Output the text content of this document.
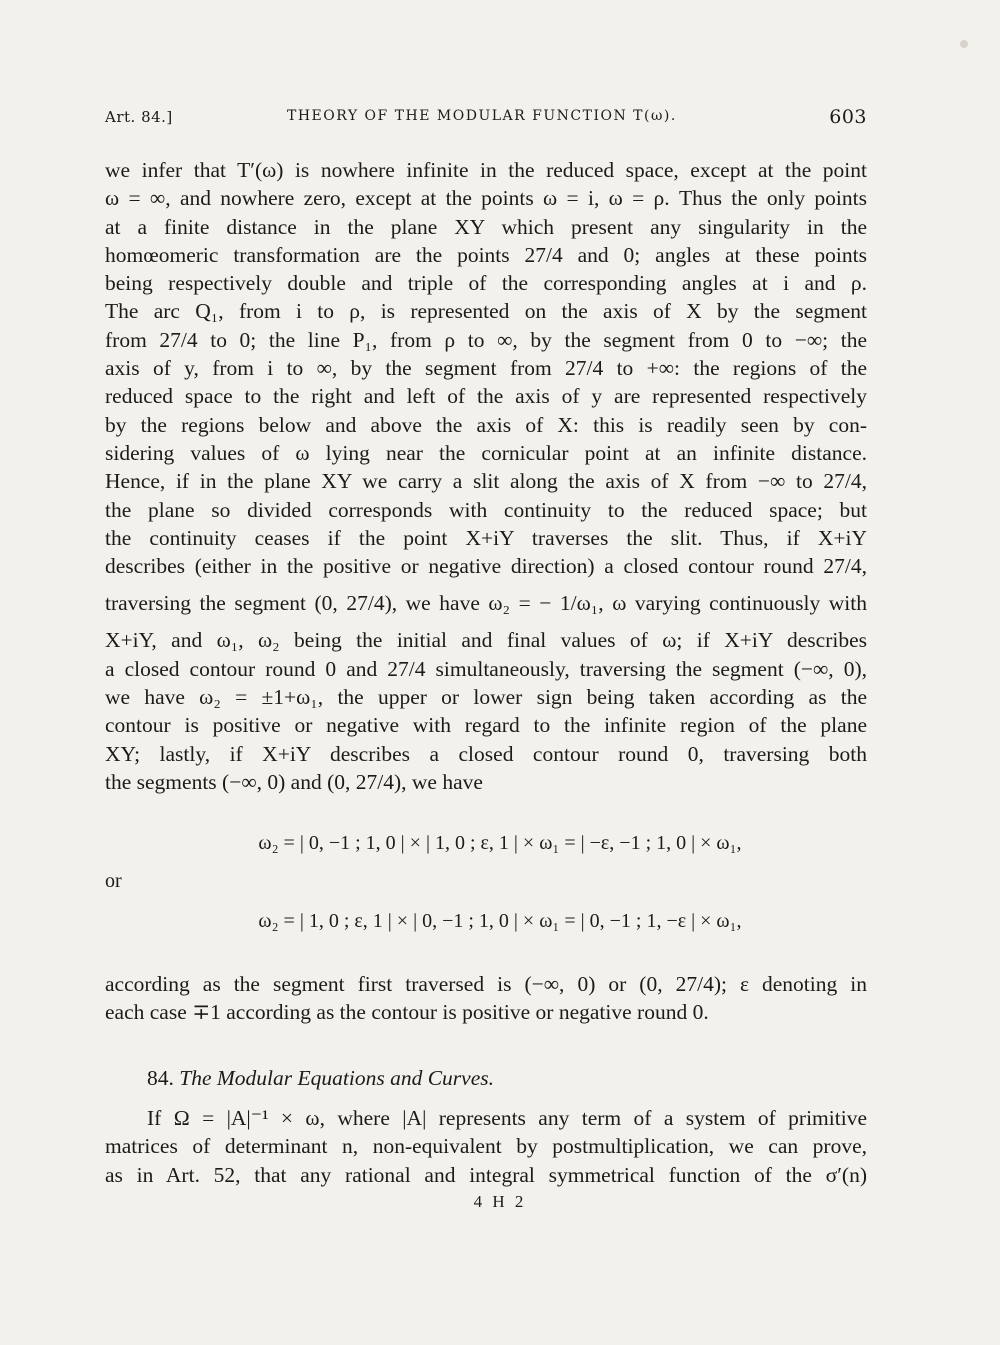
Art. 84.]	THEORY OF THE MODULAR FUNCTION T(ω).	603
we infer that T′(ω) is nowhere infinite in the reduced space, except at the point
ω = ∞, and nowhere zero, except at the points ω = i, ω = ρ. Thus the only points
at a finite distance in the plane XY which present any singularity in the
homœomeric transformation are the points 27/4 and 0; angles at these points
being respectively double and triple of the corresponding angles at i and ρ.
The arc Q₁, from i to ρ, is represented on the axis of X by the segment
from 27/4 to 0; the line P₁, from ρ to ∞, by the segment from 0 to −∞; the
axis of y, from i to ∞, by the segment from 27/4 to +∞: the regions of the
reduced space to the right and left of the axis of y are represented respectively
by the regions below and above the axis of X: this is readily seen by con-
sidering values of ω lying near the cornicular point at an infinite distance.
Hence, if in the plane XY we carry a slit along the axis of X from −∞ to 27/4,
the plane so divided corresponds with continuity to the reduced space; but
the continuity ceases if the point X+iY traverses the slit. Thus, if X+iY
describes (either in the positive or negative direction) a closed contour round 27/4,
traversing the segment (0, 27/4), we have ω₂ = − 1/ω₁, ω varying continuously with
X+iY, and ω₁, ω₂ being the initial and final values of ω; if X+iY describes
a closed contour round 0 and 27/4 simultaneously, traversing the segment (−∞, 0),
we have ω₂ = ±1+ω₁, the upper or lower sign being taken according as the
contour is positive or negative with regard to the infinite region of the plane
XY; lastly, if X+iY describes a closed contour round 0, traversing both
the segments (−∞, 0) and (0, 27/4), we have
ω₂ = | 0, −1 ; 1, 0 | × | 1, 0 ; ε, 1 | × ω₁ = | −ε, −1 ; 1, 0 | × ω₁,
or
ω₂ = | 1, 0 ; ε, 1 | × | 0, −1 ; 1, 0 | × ω₁ = | 0, −1 ; 1, −ε | × ω₁,
according as the segment first traversed is (−∞, 0) or (0, 27/4); ε denoting in
each case ∓1 according as the contour is positive or negative round 0.
84. The Modular Equations and Curves.
If Ω = |A|⁻¹ × ω, where |A| represents any term of a system of primitive
matrices of determinant n, non-equivalent by postmultiplication, we can prove,
as in Art. 52, that any rational and integral symmetrical function of the σ′(n)
4 H 2
